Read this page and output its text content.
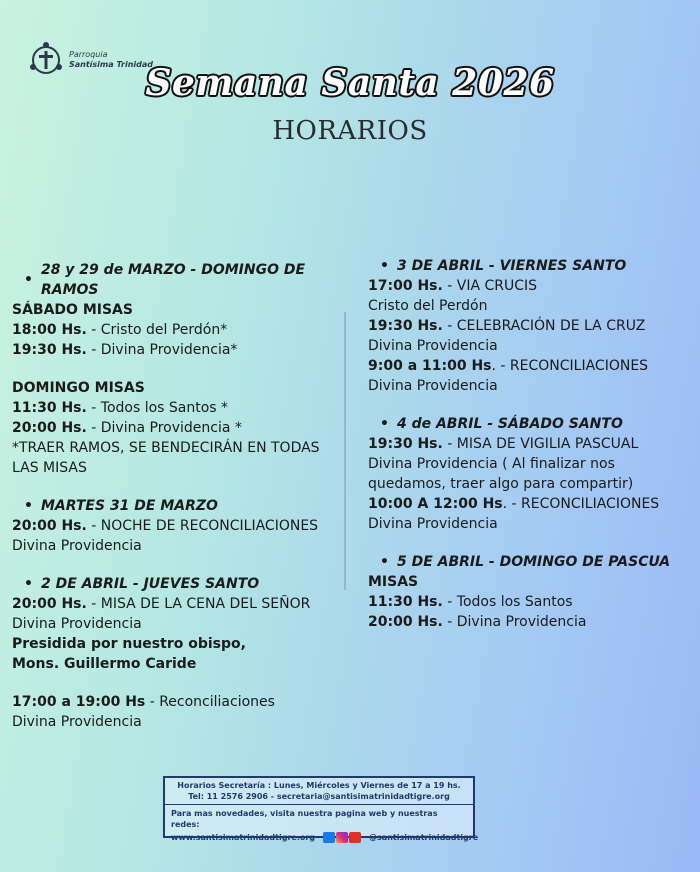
Parroquia
Santísima Trinidad
Semana Santa 2026
HORARIOS
•
28 y 29 de MARZO - DOMINGO DE RAMOS
SÁBADO MISAS
18:00 Hs. - Cristo del Perdón*
19:30 Hs. - Divina Providencia*
DOMINGO MISAS
11:30 Hs. - Todos los Santos *
20:00 Hs. - Divina Providencia *
*TRAER RAMOS, SE BENDECIRÁN EN TODAS
LAS MISAS
• MARTES 31 DE MARZO
20:00 Hs. - NOCHE DE RECONCILIACIONES
Divina Providencia
• 2 DE ABRIL - JUEVES SANTO
20:00 Hs. - MISA DE LA CENA DEL SEÑOR
Divina Providencia
Presidida por nuestro obispo,
Mons. Guillermo Caride
17:00 a 19:00 Hs - Reconciliaciones
Divina Providencia
• 3 DE ABRIL - VIERNES SANTO
17:00 Hs. - VIA CRUCIS
Cristo del Perdón
19:30 Hs. - CELEBRACIÓN DE LA CRUZ
Divina Providencia
9:00 a 11:00 Hs. - RECONCILIACIONES
Divina Providencia
• 4 de ABRIL - SÁBADO SANTO
19:30 Hs. - MISA DE VIGILIA PASCUAL
Divina Providencia ( Al finalizar nos
quedamos, traer algo para compartir)
10:00 A 12:00 Hs. - RECONCILIACIONES
Divina Providencia
• 5 DE ABRIL - DOMINGO DE PASCUA
MISAS
11:30 Hs. - Todos los Santos
20:00 Hs. - Divina Providencia
Horarios Secretaría : Lunes, Miércoles y Viernes de 17 a 19 hs.
Tel: 11 2576 2906 - secretaria@santisimatrinidadtigre.org
Para mas novedades, visita nuestra pagina web y nuestras redes:
www.santisimatrinidadtigre.org	@santisimatrinidadtigre
